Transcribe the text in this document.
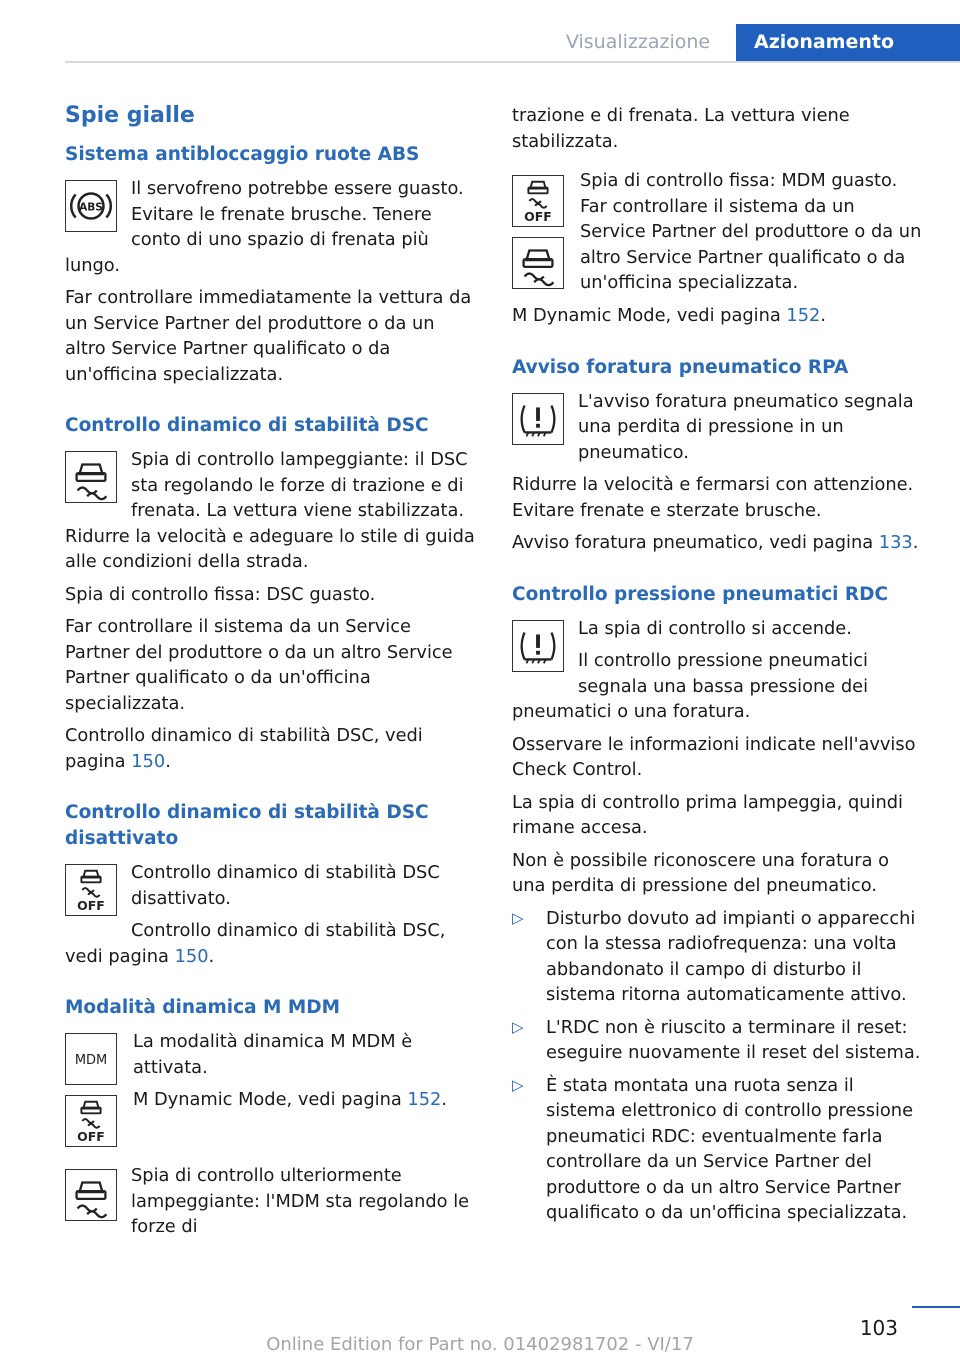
Visualizzazione	Azionamento
Spie gialle
Sistema antibloccaggio ruote ABS
ABS

Il servofreno potrebbe essere guasto. Evitare le frenate brusche. Tenere conto di uno spazio di frenata più lungo.

Far controllare immediatamente la vettura da un Service Partner del produttore o da un altro Service Partner qualificato o da un'officina specializzata.

Controllo dinamico di stabilità DSC

Spia di controllo lampeggiante: il DSC sta regolando le forze di trazione e di frenata. La vettura viene stabilizzata. Ridurre la velocità e adeguare lo stile di guida alle condizioni della strada.

Spia di controllo fissa: DSC guasto.

Far controllare il sistema da un Service Partner del produttore o da un altro Service Partner qualificato o da un'officina specializzata.

Controllo dinamico di stabilità DSC, vedi pagina 150.

Controllo dinamico di stabilità DSC disattivato
OFF

Controllo dinamico di stabilità DSC disattivato.

Controllo dinamico di stabilità DSC, vedi pagina 150.

Modalità dinamica M MDM
MDM
OFF

La modalità dinamica M MDM è attivata.

M Dynamic Mode, vedi pagina 152.

Spia di controllo ulteriormente lampeggiante: l'MDM sta regolando le forze di

trazione e di frenata. La vettura viene stabilizzata.

OFF

Spia di controllo fissa: MDM guasto. Far controllare il sistema da un Service Partner del produttore o da un altro Service Partner qualificato o da un'officina specializzata.

M Dynamic Mode, vedi pagina 152.

Avviso foratura pneumatico RPA

L'avviso foratura pneumatico segnala una perdita di pressione in un pneumatico.

Ridurre la velocità e fermarsi con attenzione. Evitare frenate e sterzate brusche.

Avviso foratura pneumatico, vedi pagina 133.

Controllo pressione pneumatici RDC

La spia di controllo si accende.

Il controllo pressione pneumatici segnala una bassa pressione dei pneumatici o una foratura.

Osservare le informazioni indicate nell'avviso Check Control.

La spia di controllo prima lampeggia, quindi rimane accesa.

Non è possibile riconoscere una foratura o una perdita di pressione del pneumatico.

▷ Disturbo dovuto ad impianti o apparecchi con la stessa radiofrequenza: una volta abbandonato il campo di disturbo il sistema ritorna automaticamente attivo.
▷ L'RDC non è riuscito a terminare il reset: eseguire nuovamente il reset del sistema.
▷ È stata montata una ruota senza il sistema elettronico di controllo pressione pneumatici RDC: eventualmente farla controllare da un Service Partner del produttore o da un altro Service Partner qualificato o da un'officina specializzata.
103
Online Edition for Part no. 01402981702 - VI/17
